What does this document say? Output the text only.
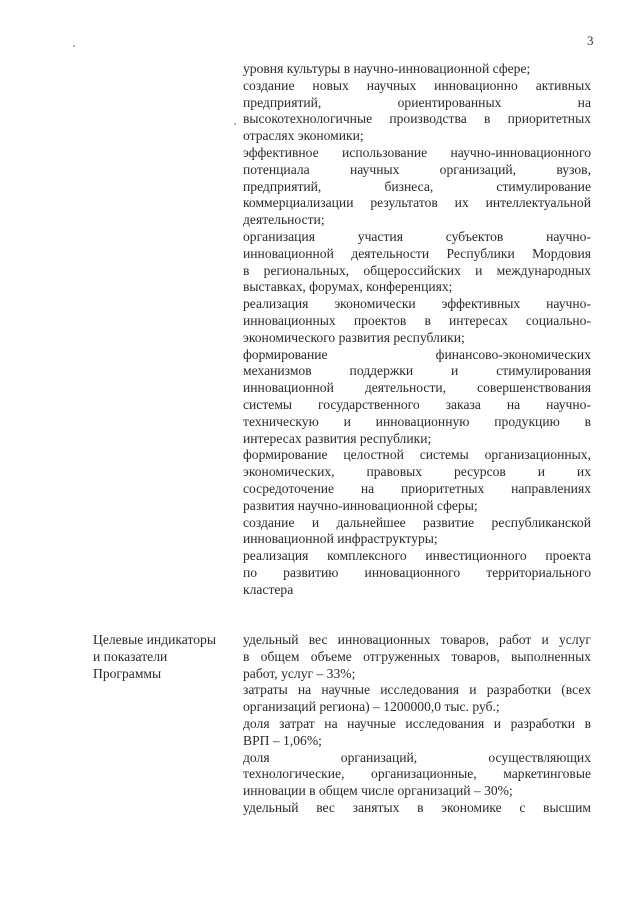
3
уровня культуры в научно-инновационной сфере;
создание новых научных инновационно активных
предприятий, ориентированных на
высокотехнологичные производства в приоритетных
отраслях экономики;
эффективное использование научно-инновационного
потенциала научных организаций, вузов,
предприятий, бизнеса, стимулирование
коммерциализации результатов их интеллектуальной
деятельности;
организация участия субъектов научно-
инновационной деятельности Республики Мордовия
в региональных, общероссийских и международных
выставках, форумах, конференциях;
реализация экономически эффективных научно-
инновационных проектов в интересах социально-
экономического развития республики;
формирование финансово-экономических
механизмов поддержки и стимулирования
инновационной деятельности, совершенствования
системы государственного заказа на научно-
техническую и инновационную продукцию в
интересах развития республики;
формирование целостной системы организационных,
экономических, правовых ресурсов и их
сосредоточение на приоритетных направлениях
развития научно-инновационной сферы;
создание и дальнейшее развитие республиканской
инновационной инфраструктуры;
реализация комплексного инвестиционного проекта
по развитию инновационного территориального
кластера
Целевые индикаторы
и показатели
Программы
удельный вес инновационных товаров, работ и услуг
в общем объеме отгруженных товаров, выполненных
работ, услуг – 33%;
затраты на научные исследования и разработки (всех
организаций региона) – 1200000,0 тыс. руб.;
доля затрат на научные исследования и разработки в
ВРП – 1,06%;
доля организаций, осуществляющих
технологические, организационные, маркетинговые
инновации в общем числе организаций – 30%;
удельный вес занятых в экономике с высшим
